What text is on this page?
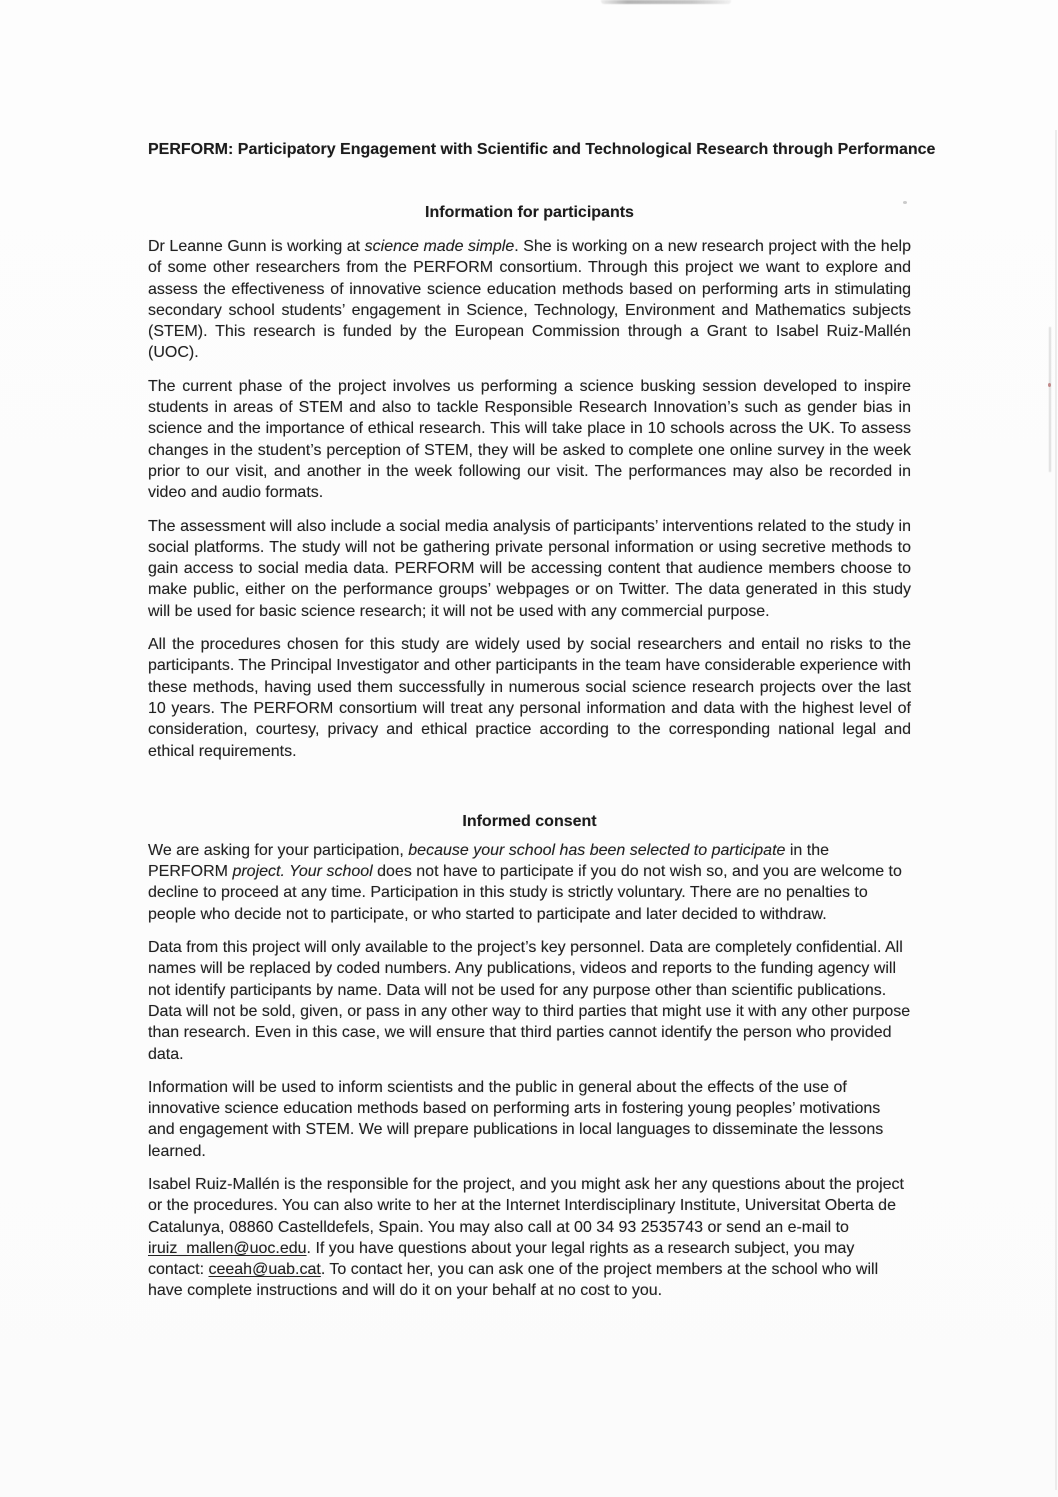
PERFORM: Participatory Engagement with Scientific and Technological Research through Performance
Information for participants

Dr Leanne Gunn is working at science made simple. She is working on a new research project with the help of some other researchers from the PERFORM consortium. Through this project we want to explore and assess the effectiveness of innovative science education methods based on performing arts in stimulating secondary school students’ engagement in Science, Technology, Environment and Mathematics subjects (STEM). This research is funded by the European Commission through a Grant to Isabel Ruiz-Mallén (UOC).

The current phase of the project involves us performing a science busking session developed to inspire students in areas of STEM and also to tackle Responsible Research Innovation’s such as gender bias in science and the importance of ethical research. This will take place in 10 schools across the UK. To assess changes in the student’s perception of STEM, they will be asked to complete one online survey in the week prior to our visit, and another in the week following our visit. The performances may also be recorded in video and audio formats.

The assessment will also include a social media analysis of participants’ interventions related to the study in social platforms. The study will not be gathering private personal information or using secretive methods to gain access to social media data. PERFORM will be accessing content that audience members choose to make public, either on the performance groups’ webpages or on Twitter. The data generated in this study will be used for basic science research; it will not be used with any commercial purpose.

All the procedures chosen for this study are widely used by social researchers and entail no risks to the participants. The Principal Investigator and other participants in the team have considerable experience with these methods, having used them successfully in numerous social science research projects over the last 10 years. The PERFORM consortium will treat any personal information and data with the highest level of consideration, courtesy, privacy and ethical practice according to the corresponding national legal and ethical requirements.

Informed consent

We are asking for your participation, because your school has been selected to participate in the PERFORM project. Your school does not have to participate if you do not wish so, and you are welcome to decline to proceed at any time. Participation in this study is strictly voluntary. There are no penalties to people who decide not to participate, or who started to participate and later decided to withdraw.

Data from this project will only available to the project’s key personnel. Data are completely confidential. All names will be replaced by coded numbers. Any publications, videos and reports to the funding agency will not identify participants by name. Data will not be used for any purpose other than scientific publications. Data will not be sold, given, or pass in any other way to third parties that might use it with any other purpose than research. Even in this case, we will ensure that third parties cannot identify the person who provided data.

Information will be used to inform scientists and the public in general about the effects of the use of innovative science education methods based on performing arts in fostering young peoples’ motivations and engagement with STEM. We will prepare publications in local languages to disseminate the lessons learned.

Isabel Ruiz-Mallén is the responsible for the project, and you might ask her any questions about the project or the procedures. You can also write to her at the Internet Interdisciplinary Institute, Universitat Oberta de Catalunya, 08860 Castelldefels, Spain. You may also call at 00 34 93 2535743 or send an e-mail to iruiz_mallen@uoc.edu. If you have questions about your legal rights as a research subject, you may contact: ceeah@uab.cat. To contact her, you can ask one of the project members at the school who will have complete instructions and will do it on your behalf at no cost to you.
